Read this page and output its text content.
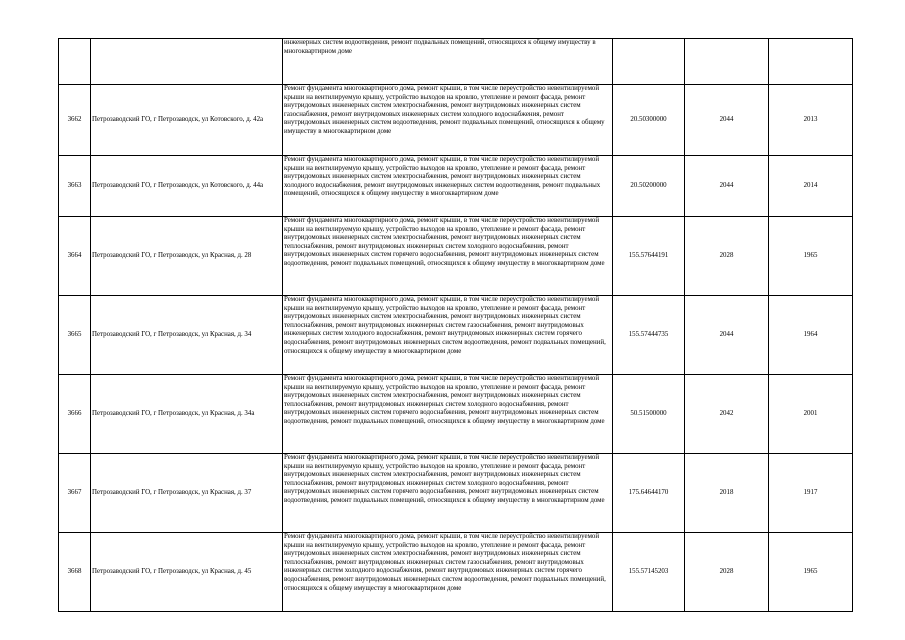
		инженерных систем водоотведения, ремонт подвальных помещений, относящихся к общему имуществу в многоквартирном доме			
3662	Петрозаводский ГО, г Петрозаводск, ул Котовского, д. 42а	Ремонт фундамента многоквартирного дома, ремонт крыши, в том числе переустройство невентилируемой крыши на вентилируемую крышу, устройство выходов на кровлю, утепление и ремонт фасада, ремонт внутридомовых инженерных систем электроснабжения, ремонт внутридомовых инженерных систем газоснабжения, ремонт внутридомовых инженерных систем холодного водоснабжения, ремонт внутридомовых инженерных систем водоотведения, ремонт подвальных помещений, относящихся к общему имуществу в многоквартирном доме	20.50300000	2044	2013
3663	Петрозаводский ГО, г Петрозаводск, ул Котовского, д. 44а	Ремонт фундамента многоквартирного дома, ремонт крыши, в том числе переустройство невентилируемой крыши на вентилируемую крышу, устройство выходов на кровлю, утепление и ремонт фасада, ремонт внутридомовых инженерных систем электроснабжения, ремонт внутридомовых инженерных систем холодного водоснабжения, ремонт внутридомовых инженерных систем водоотведения, ремонт подвальных помещений, относящихся к общему имуществу в многоквартирном доме	20.50200000	2044	2014
3664	Петрозаводский ГО, г Петрозаводск, ул Красная, д. 28	Ремонт фундамента многоквартирного дома, ремонт крыши, в том числе переустройство невентилируемой крыши на вентилируемую крышу, устройство выходов на кровлю, утепление и ремонт фасада, ремонт внутридомовых инженерных систем электроснабжения, ремонт внутридомовых инженерных систем теплоснабжения, ремонт внутридомовых инженерных систем холодного водоснабжения, ремонт внутридомовых инженерных систем горячего водоснабжения, ремонт внутридомовых инженерных систем водоотведения, ремонт подвальных помещений, относящихся к общему имуществу в многоквартирном доме	155.57644191	2028	1965
3665	Петрозаводский ГО, г Петрозаводск, ул Красная, д. 34	Ремонт фундамента многоквартирного дома, ремонт крыши, в том числе переустройство невентилируемой крыши на вентилируемую крышу, устройство выходов на кровлю, утепление и ремонт фасада, ремонт внутридомовых инженерных систем электроснабжения, ремонт внутридомовых инженерных систем теплоснабжения, ремонт внутридомовых инженерных систем газоснабжения, ремонт внутридомовых инженерных систем холодного водоснабжения, ремонт внутридомовых инженерных систем горячего водоснабжения, ремонт внутридомовых инженерных систем водоотведения, ремонт подвальных помещений, относящихся к общему имуществу в многоквартирном доме	155.57444735	2044	1964
3666	Петрозаводский ГО, г Петрозаводск, ул Красная, д. 34а	Ремонт фундамента многоквартирного дома, ремонт крыши, в том числе переустройство невентилируемой крыши на вентилируемую крышу, устройство выходов на кровлю, утепление и ремонт фасада, ремонт внутридомовых инженерных систем электроснабжения, ремонт внутридомовых инженерных систем теплоснабжения, ремонт внутридомовых инженерных систем холодного водоснабжения, ремонт внутридомовых инженерных систем горячего водоснабжения, ремонт внутридомовых инженерных систем водоотведения, ремонт подвальных помещений, относящихся к общему имуществу в многоквартирном доме	50.51500000	2042	2001
3667	Петрозаводский ГО, г Петрозаводск, ул Красная, д. 37	Ремонт фундамента многоквартирного дома, ремонт крыши, в том числе переустройство невентилируемой крыши на вентилируемую крышу, устройство выходов на кровлю, утепление и ремонт фасада, ремонт внутридомовых инженерных систем электроснабжения, ремонт внутридомовых инженерных систем теплоснабжения, ремонт внутридомовых инженерных систем холодного водоснабжения, ремонт внутридомовых инженерных систем горячего водоснабжения, ремонт внутридомовых инженерных систем водоотведения, ремонт подвальных помещений, относящихся к общему имуществу в многоквартирном доме	175.64644170	2018	1917
3668	Петрозаводский ГО, г Петрозаводск, ул Красная, д. 45	Ремонт фундамента многоквартирного дома, ремонт крыши, в том числе переустройство невентилируемой крыши на вентилируемую крышу, устройство выходов на кровлю, утепление и ремонт фасада, ремонт внутридомовых инженерных систем электроснабжения, ремонт внутридомовых инженерных систем теплоснабжения, ремонт внутридомовых инженерных систем газоснабжения, ремонт внутридомовых инженерных систем холодного водоснабжения, ремонт внутридомовых инженерных систем горячего водоснабжения, ремонт внутридомовых инженерных систем водоотведения, ремонт подвальных помещений, относящихся к общему имуществу в многоквартирном доме	155.57145203	2028	1965
